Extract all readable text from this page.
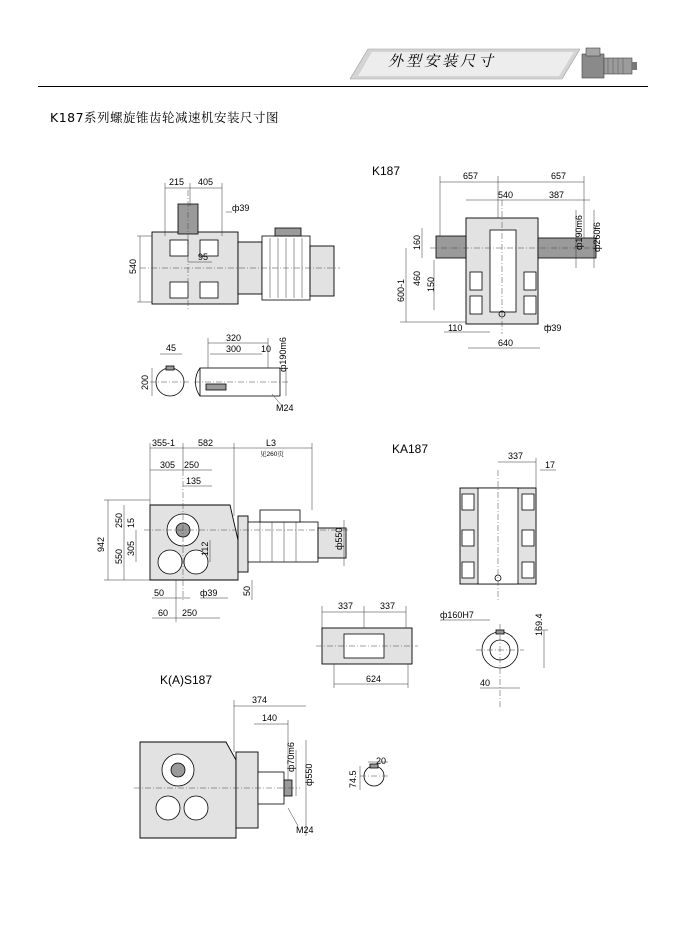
外型安装尺寸
K187系列螺旋锥齿轮减速机安装尺寸图
K187
KA187
K(A)S187
215 405
ф39
540
95
45
200
320
300 10 ф190m6
M24
657	657
540	387
ф190m6 ф260f6
160
460 150
600-1
110	ф39
640
355-1	582	L3
见260页
305 250
135
942
250 15
305
550
112
50	ф39	50
60 250
ф550
337
17
337	337
624
ф160H7	169.4
40
374
140
ф70m6
ф550
M24
20
74.5
